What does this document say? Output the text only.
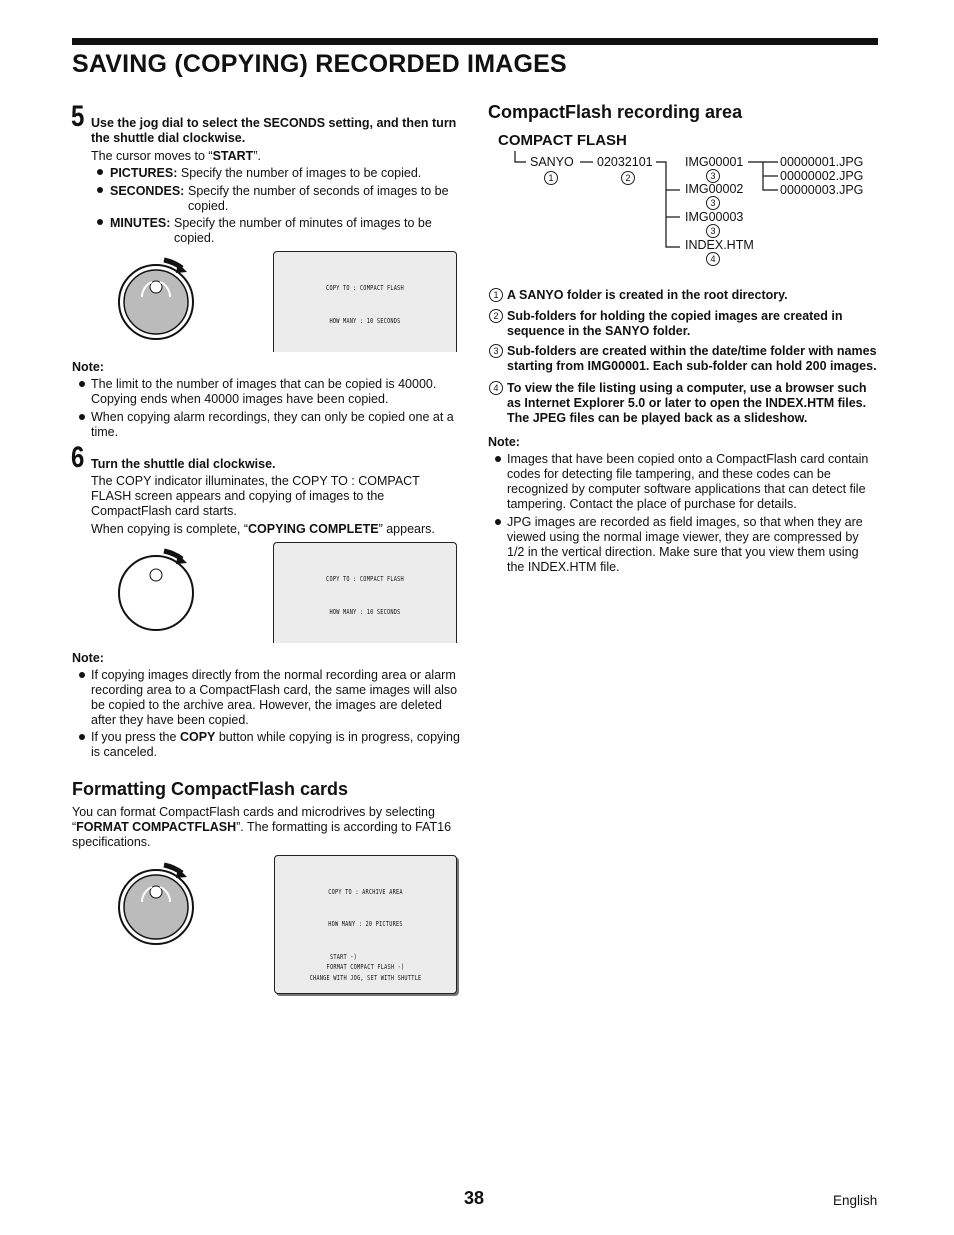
SAVING (COPYING) RECORDED IMAGES
5 Use the jog dial to select the SECONDS setting, and then turn the shuttle dial clockwise.
The cursor moves to “START”.
PICTURES: Specify the number of images to be copied.
SECONDES: Specify the number of seconds of images to be copied.
MINUTES: Specify the number of minutes of images to be copied.
COPY TO : COMPACT FLASH
HOW MANY : 10 SECONDS
Note:
The limit to the number of images that can be copied is 40000. Copying ends when 40000 images have been copied.
When copying alarm recordings, they can only be copied one at a time.
6 Turn the shuttle dial clockwise.
The COPY indicator illuminates, the COPY TO : COMPACT FLASH screen appears and copying of images to the CompactFlash card starts.
When copying is complete, “COPYING COMPLETE” appears.
COPY TO : COMPACT FLASH
HOW MANY : 10 SECONDS
Note:
If copying images directly from the normal recording area or alarm recording area to a CompactFlash card, the same images will also be copied to the archive area. However, the images are deleted after they have been copied.
If you press the COPY button while copying is in progress, copying is canceled.
Formatting CompactFlash cards
You can format CompactFlash cards and microdrives by selecting “FORMAT COMPACTFLASH”. The formatting is according to FAT16 specifications.
COPY TO : ARCHIVE AREA
HOW MANY : 20 PICTURES
START -)
FORMAT COMPACT FLASH -)
CHANGE WITH JOG, SET WITH SHUTTLE
CompactFlash recording area
COMPACT FLASH
SANYO 02032101	IMG00001
IMG00002
IMG00003
INDEX.HTM
00000001.JPG
00000002.JPG
00000003.JPG
1	2	3
3
3
4
1 A SANYO folder is created in the root directory.
2 Sub-folders for holding the copied images are created in sequence in the SANYO folder.
3 Sub-folders are created within the date/time folder with names starting from IMG00001. Each sub-folder can hold 200 images.
4 To view the file listing using a computer, use a browser such as Internet Explorer 5.0 or later to open the INDEX.HTM files. The JPEG files can be played back as a slideshow.
Note:
Images that have been copied onto a CompactFlash card contain codes for detecting file tampering, and these codes can be recognized by computer software applications that can detect file tampering. Contact the place of purchase for details.
JPG images are recorded as field images, so that when they are viewed using the normal image viewer, they are compressed by 1/2 in the vertical direction. Make sure that you view them using the INDEX.HTM file.
38	English
